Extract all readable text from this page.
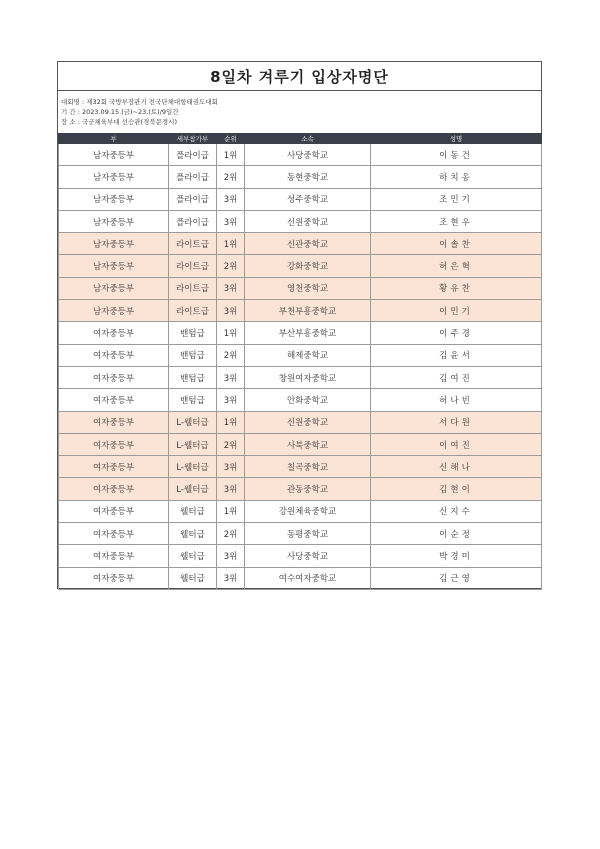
8일차 겨루기 입상자명단
대회명 : 제32회 국방부장관기 전국단체대항태권도대회
기 간 : 2023.09.15.(금)~23.(토)/9일간
장 소 : 국군체육부대 선승관(경북문경시)
부	세부참가부	순위	소속	성명
남자중등부	플라이급	1위	사당중학교	이동건
남자중등부	플라이급	2위	동현중학교	하치옹
남자중등부	플라이급	3위	성주중학교	조민기
남자중등부	플라이급	3위	신원중학교	조현우
남자중등부	라이트급	1위	신관중학교	이솔찬
남자중등부	라이트급	2위	강화중학교	허은혁
남자중등부	라이트급	3위	영천중학교	황유찬
남자중등부	라이트급	3위	부천부흥중학교	이민기
여자중등부	밴텀급	1위	부산부흥중학교	이주경
여자중등부	밴텀급	2위	해제중학교	김윤서
여자중등부	밴텀급	3위	창원여자중학교	김여진
여자중등부	밴텀급	3위	안화중학교	허나빈
여자중등부	L-웰터급	1위	신원중학교	서다원
여자중등부	L-웰터급	2위	사북중학교	이여진
여자중등부	L-웰터급	3위	칠곡중학교	신해나
여자중등부	L-웰터급	3위	관동중학교	김현이
여자중등부	웰터급	1위	강원체육중학교	신지수
여자중등부	웰터급	2위	동평중학교	이순정
여자중등부	웰터급	3위	사당중학교	박경미
여자중등부	웰터급	3위	여수여자중학교	김근영
